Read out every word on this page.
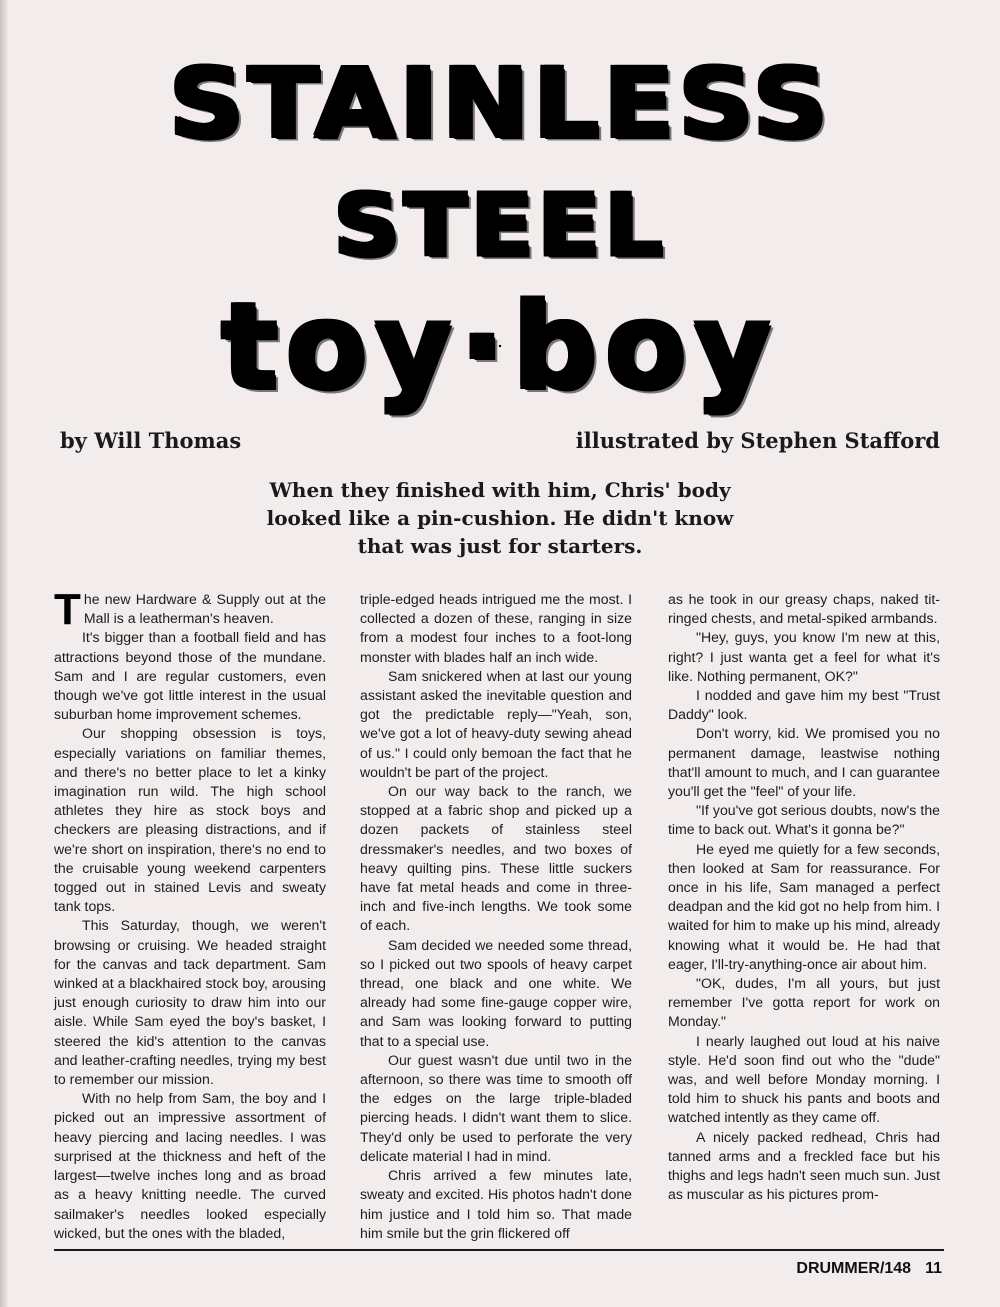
STAINLESS
STEEL
toy·boy
by Will Thomas	illustrated by Stephen Stafford
When they finished with him, Chris' body
looked like a pin-cushion. He didn't know
that was just for starters.

The new Hardware & Supply out at the Mall is a leatherman's heaven.

It's bigger than a football field and has attractions beyond those of the mundane. Sam and I are regular customers, even though we've got little interest in the usual suburban home improvement schemes.

Our shopping obsession is toys, especially variations on familiar themes, and there's no better place to let a kinky imagination run wild. The high school athletes they hire as stock boys and checkers are pleasing distractions, and if we're short on inspiration, there's no end to the cruisable young weekend carpenters togged out in stained Levis and sweaty tank tops.

This Saturday, though, we weren't browsing or cruising. We headed straight for the canvas and tack department. Sam winked at a blackhaired stock boy, arousing just enough curiosity to draw him into our aisle. While Sam eyed the boy's basket, I steered the kid's attention to the canvas and leather-crafting needles, trying my best to remember our mission.

With no help from Sam, the boy and I picked out an impressive assortment of heavy piercing and lacing needles. I was surprised at the thickness and heft of the largest—twelve inches long and as broad as a heavy knitting needle. The curved sailmaker's needles looked especially wicked, but the ones with the bladed,

triple-edged heads intrigued me the most. I collected a dozen of these, ranging in size from a modest four inches to a foot-long monster with blades half an inch wide.

Sam snickered when at last our young assistant asked the inevitable question and got the predictable reply—"Yeah, son, we've got a lot of heavy-duty sewing ahead of us." I could only bemoan the fact that he wouldn't be part of the project.

On our way back to the ranch, we stopped at a fabric shop and picked up a dozen packets of stainless steel dressmaker's needles, and two boxes of heavy quilting pins. These little suckers have fat metal heads and come in three-inch and five-inch lengths. We took some of each.

Sam decided we needed some thread, so I picked out two spools of heavy carpet thread, one black and one white. We already had some fine-gauge copper wire, and Sam was looking forward to putting that to a special use.

Our guest wasn't due until two in the afternoon, so there was time to smooth off the edges on the large triple-bladed piercing heads. I didn't want them to slice. They'd only be used to perforate the very delicate material I had in mind.

Chris arrived a few minutes late, sweaty and excited. His photos hadn't done him justice and I told him so. That made him smile but the grin flickered off

as he took in our greasy chaps, naked tit-ringed chests, and metal-spiked armbands.

"Hey, guys, you know I'm new at this, right? I just wanta get a feel for what it's like. Nothing permanent, OK?"

I nodded and gave him my best "Trust Daddy" look.

Don't worry, kid. We promised you no permanent damage, leastwise nothing that'll amount to much, and I can guarantee you'll get the "feel" of your life.

"If you've got serious doubts, now's the time to back out. What's it gonna be?"

He eyed me quietly for a few seconds, then looked at Sam for reassurance. For once in his life, Sam managed a perfect deadpan and the kid got no help from him. I waited for him to make up his mind, already knowing what it would be. He had that eager, I'll-try-anything-once air about him.

"OK, dudes, I'm all yours, but just remember I've gotta report for work on Monday."

I nearly laughed out loud at his naive style. He'd soon find out who the "dude" was, and well before Monday morning. I told him to shuck his pants and boots and watched intently as they came off.

A nicely packed redhead, Chris had tanned arms and a freckled face but his thighs and legs hadn't seen much sun. Just as muscular as his pictures prom-

DRUMMER/148 11
